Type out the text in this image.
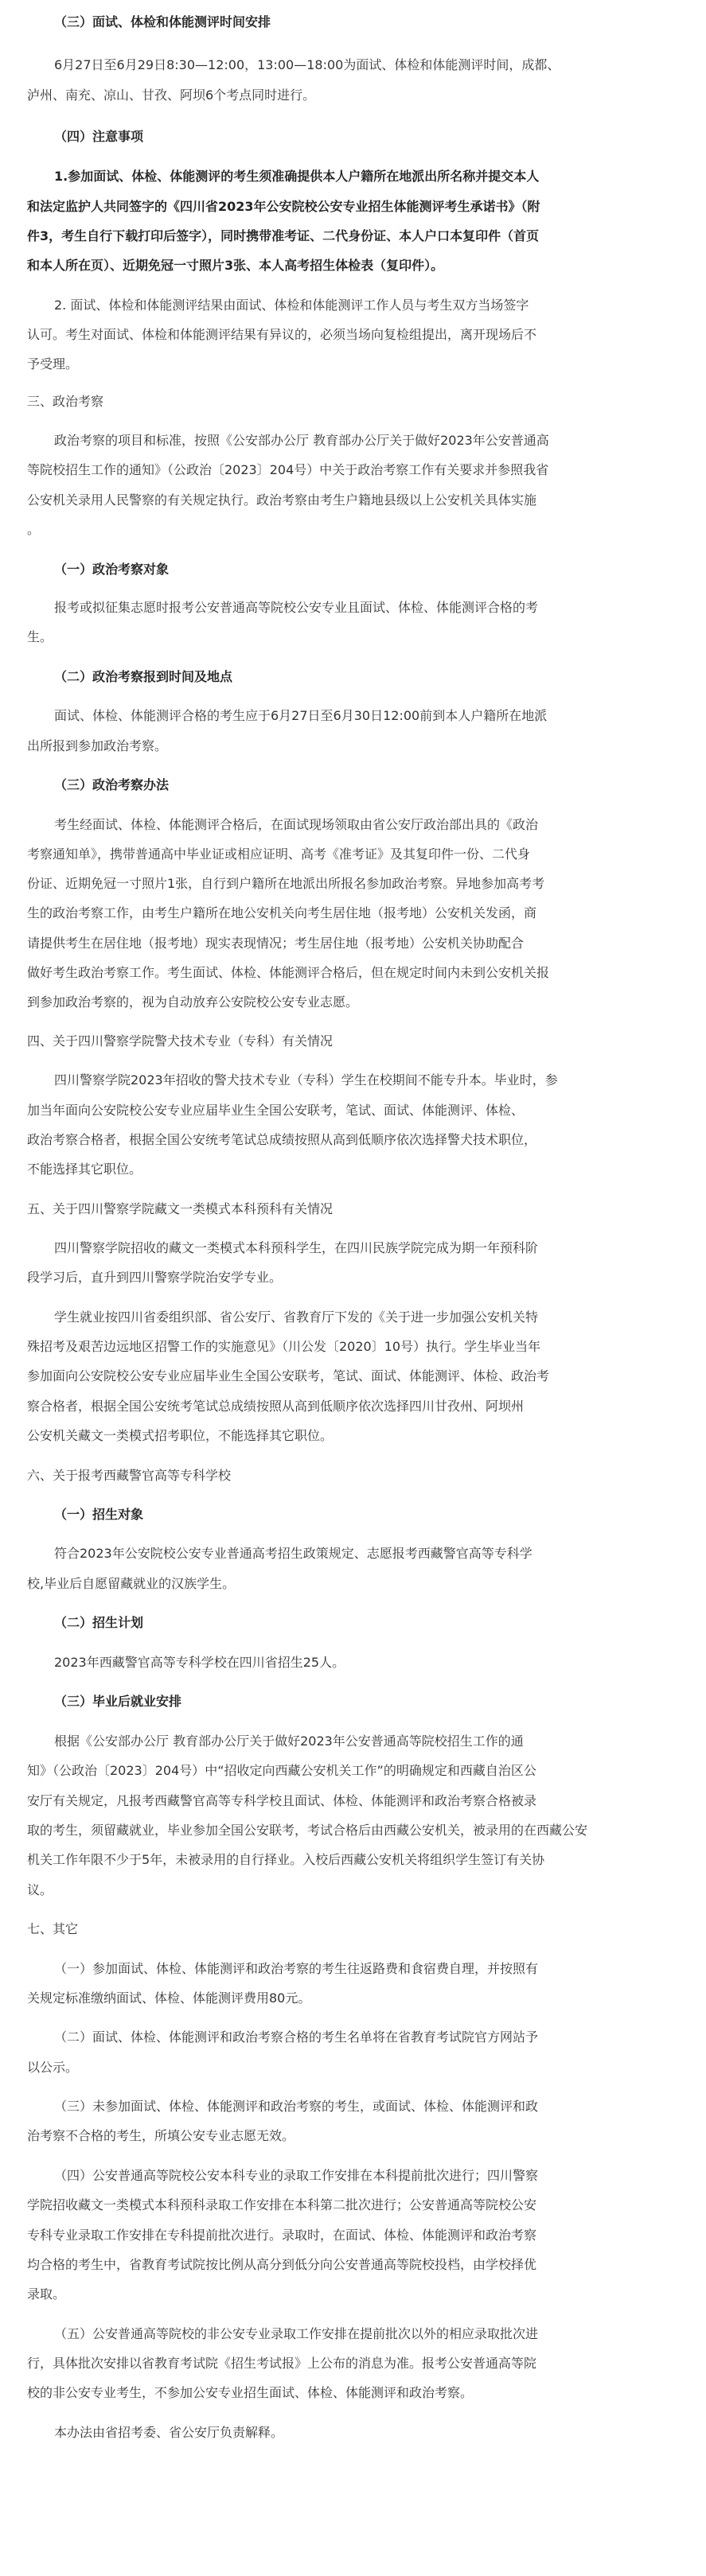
（三）面试、体检和体能测评时间安排
6月27日至6月29日8:30—12:00，13:00—18:00为面试、体检和体能测评时间，成都、
泸州、南充、凉山、甘孜、阿坝6个考点同时进行。
（四）注意事项
1.参加面试、体检、体能测评的考生须准确提供本人户籍所在地派出所名称并提交本人
和法定监护人共同签字的《四川省2023年公安院校公安专业招生体能测评考生承诺书》（附
件3，考生自行下载打印后签字），同时携带准考证、二代身份证、本人户口本复印件（首页
和本人所在页）、近期免冠一寸照片3张、本人高考招生体检表（复印件）。
2. 面试、体检和体能测评结果由面试、体检和体能测评工作人员与考生双方当场签字
认可。考生对面试、体检和体能测评结果有异议的，必须当场向复检组提出，离开现场后不
予受理。
三、政治考察
政治考察的项目和标准，按照《公安部办公厅 教育部办公厅关于做好2023年公安普通高
等院校招生工作的通知》（公政治〔2023〕204号）中关于政治考察工作有关要求并参照我省
公安机关录用人民警察的有关规定执行。政治考察由考生户籍地县级以上公安机关具体实施
。
（一）政治考察对象
报考或拟征集志愿时报考公安普通高等院校公安专业且面试、体检、体能测评合格的考
生。
（二）政治考察报到时间及地点
面试、体检、体能测评合格的考生应于6月27日至6月30日12:00前到本人户籍所在地派
出所报到参加政治考察。
（三）政治考察办法
考生经面试、体检、体能测评合格后，在面试现场领取由省公安厅政治部出具的《政治
考察通知单》，携带普通高中毕业证或相应证明、高考《准考证》及其复印件一份、二代身
份证、近期免冠一寸照片1张，自行到户籍所在地派出所报名参加政治考察。异地参加高考考
生的政治考察工作，由考生户籍所在地公安机关向考生居住地（报考地）公安机关发函，商
请提供考生在居住地（报考地）现实表现情况；考生居住地（报考地）公安机关协助配合
做好考生政治考察工作。考生面试、体检、体能测评合格后，但在规定时间内未到公安机关报
到参加政治考察的，视为自动放弃公安院校公安专业志愿。
四、关于四川警察学院警犬技术专业（专科）有关情况
四川警察学院2023年招收的警犬技术专业（专科）学生在校期间不能专升本。毕业时，参
加当年面向公安院校公安专业应届毕业生全国公安联考，笔试、面试、体能测评、体检、
政治考察合格者，根据全国公安统考笔试总成绩按照从高到低顺序依次选择警犬技术职位，
不能选择其它职位。
五、关于四川警察学院藏文一类模式本科预科有关情况
四川警察学院招收的藏文一类模式本科预科学生，在四川民族学院完成为期一年预科阶
段学习后，直升到四川警察学院治安学专业。
学生就业按四川省委组织部、省公安厅、省教育厅下发的《关于进一步加强公安机关特
殊招考及艰苦边远地区招警工作的实施意见》（川公发〔2020〕10号）执行。学生毕业当年
参加面向公安院校公安专业应届毕业生全国公安联考，笔试、面试、体能测评、体检、政治考
察合格者，根据全国公安统考笔试总成绩按照从高到低顺序依次选择四川甘孜州、阿坝州
公安机关藏文一类模式招考职位，不能选择其它职位。
六、关于报考西藏警官高等专科学校
（一）招生对象
符合2023年公安院校公安专业普通高考招生政策规定、志愿报考西藏警官高等专科学
校,毕业后自愿留藏就业的汉族学生。
（二）招生计划
2023年西藏警官高等专科学校在四川省招生25人。
（三）毕业后就业安排
根据《公安部办公厅 教育部办公厅关于做好2023年公安普通高等院校招生工作的通
知》（公政治〔2023〕204号）中“招收定向西藏公安机关工作”的明确规定和西藏自治区公
安厅有关规定，凡报考西藏警官高等专科学校且面试、体检、体能测评和政治考察合格被录
取的考生，须留藏就业，毕业参加全国公安联考，考试合格后由西藏公安机关，被录用的在西藏公安
机关工作年限不少于5年，未被录用的自行择业。入校后西藏公安机关将组织学生签订有关协
议。
七、其它
（一）参加面试、体检、体能测评和政治考察的考生往返路费和食宿费自理，并按照有
关规定标准缴纳面试、体检、体能测评费用80元。
（二）面试、体检、体能测评和政治考察合格的考生名单将在省教育考试院官方网站予
以公示。
（三）未参加面试、体检、体能测评和政治考察的考生，或面试、体检、体能测评和政
治考察不合格的考生，所填公安专业志愿无效。
（四）公安普通高等院校公安本科专业的录取工作安排在本科提前批次进行；四川警察
学院招收藏文一类模式本科预科录取工作安排在本科第二批次进行；公安普通高等院校公安
专科专业录取工作安排在专科提前批次进行。录取时，在面试、体检、体能测评和政治考察
均合格的考生中，省教育考试院按比例从高分到低分向公安普通高等院校投档，由学校择优
录取。
（五）公安普通高等院校的非公安专业录取工作安排在提前批次以外的相应录取批次进
行，具体批次安排以省教育考试院《招生考试报》上公布的消息为准。报考公安普通高等院
校的非公安专业考生，不参加公安专业招生面试、体检、体能测评和政治考察。
本办法由省招考委、省公安厅负责解释。
